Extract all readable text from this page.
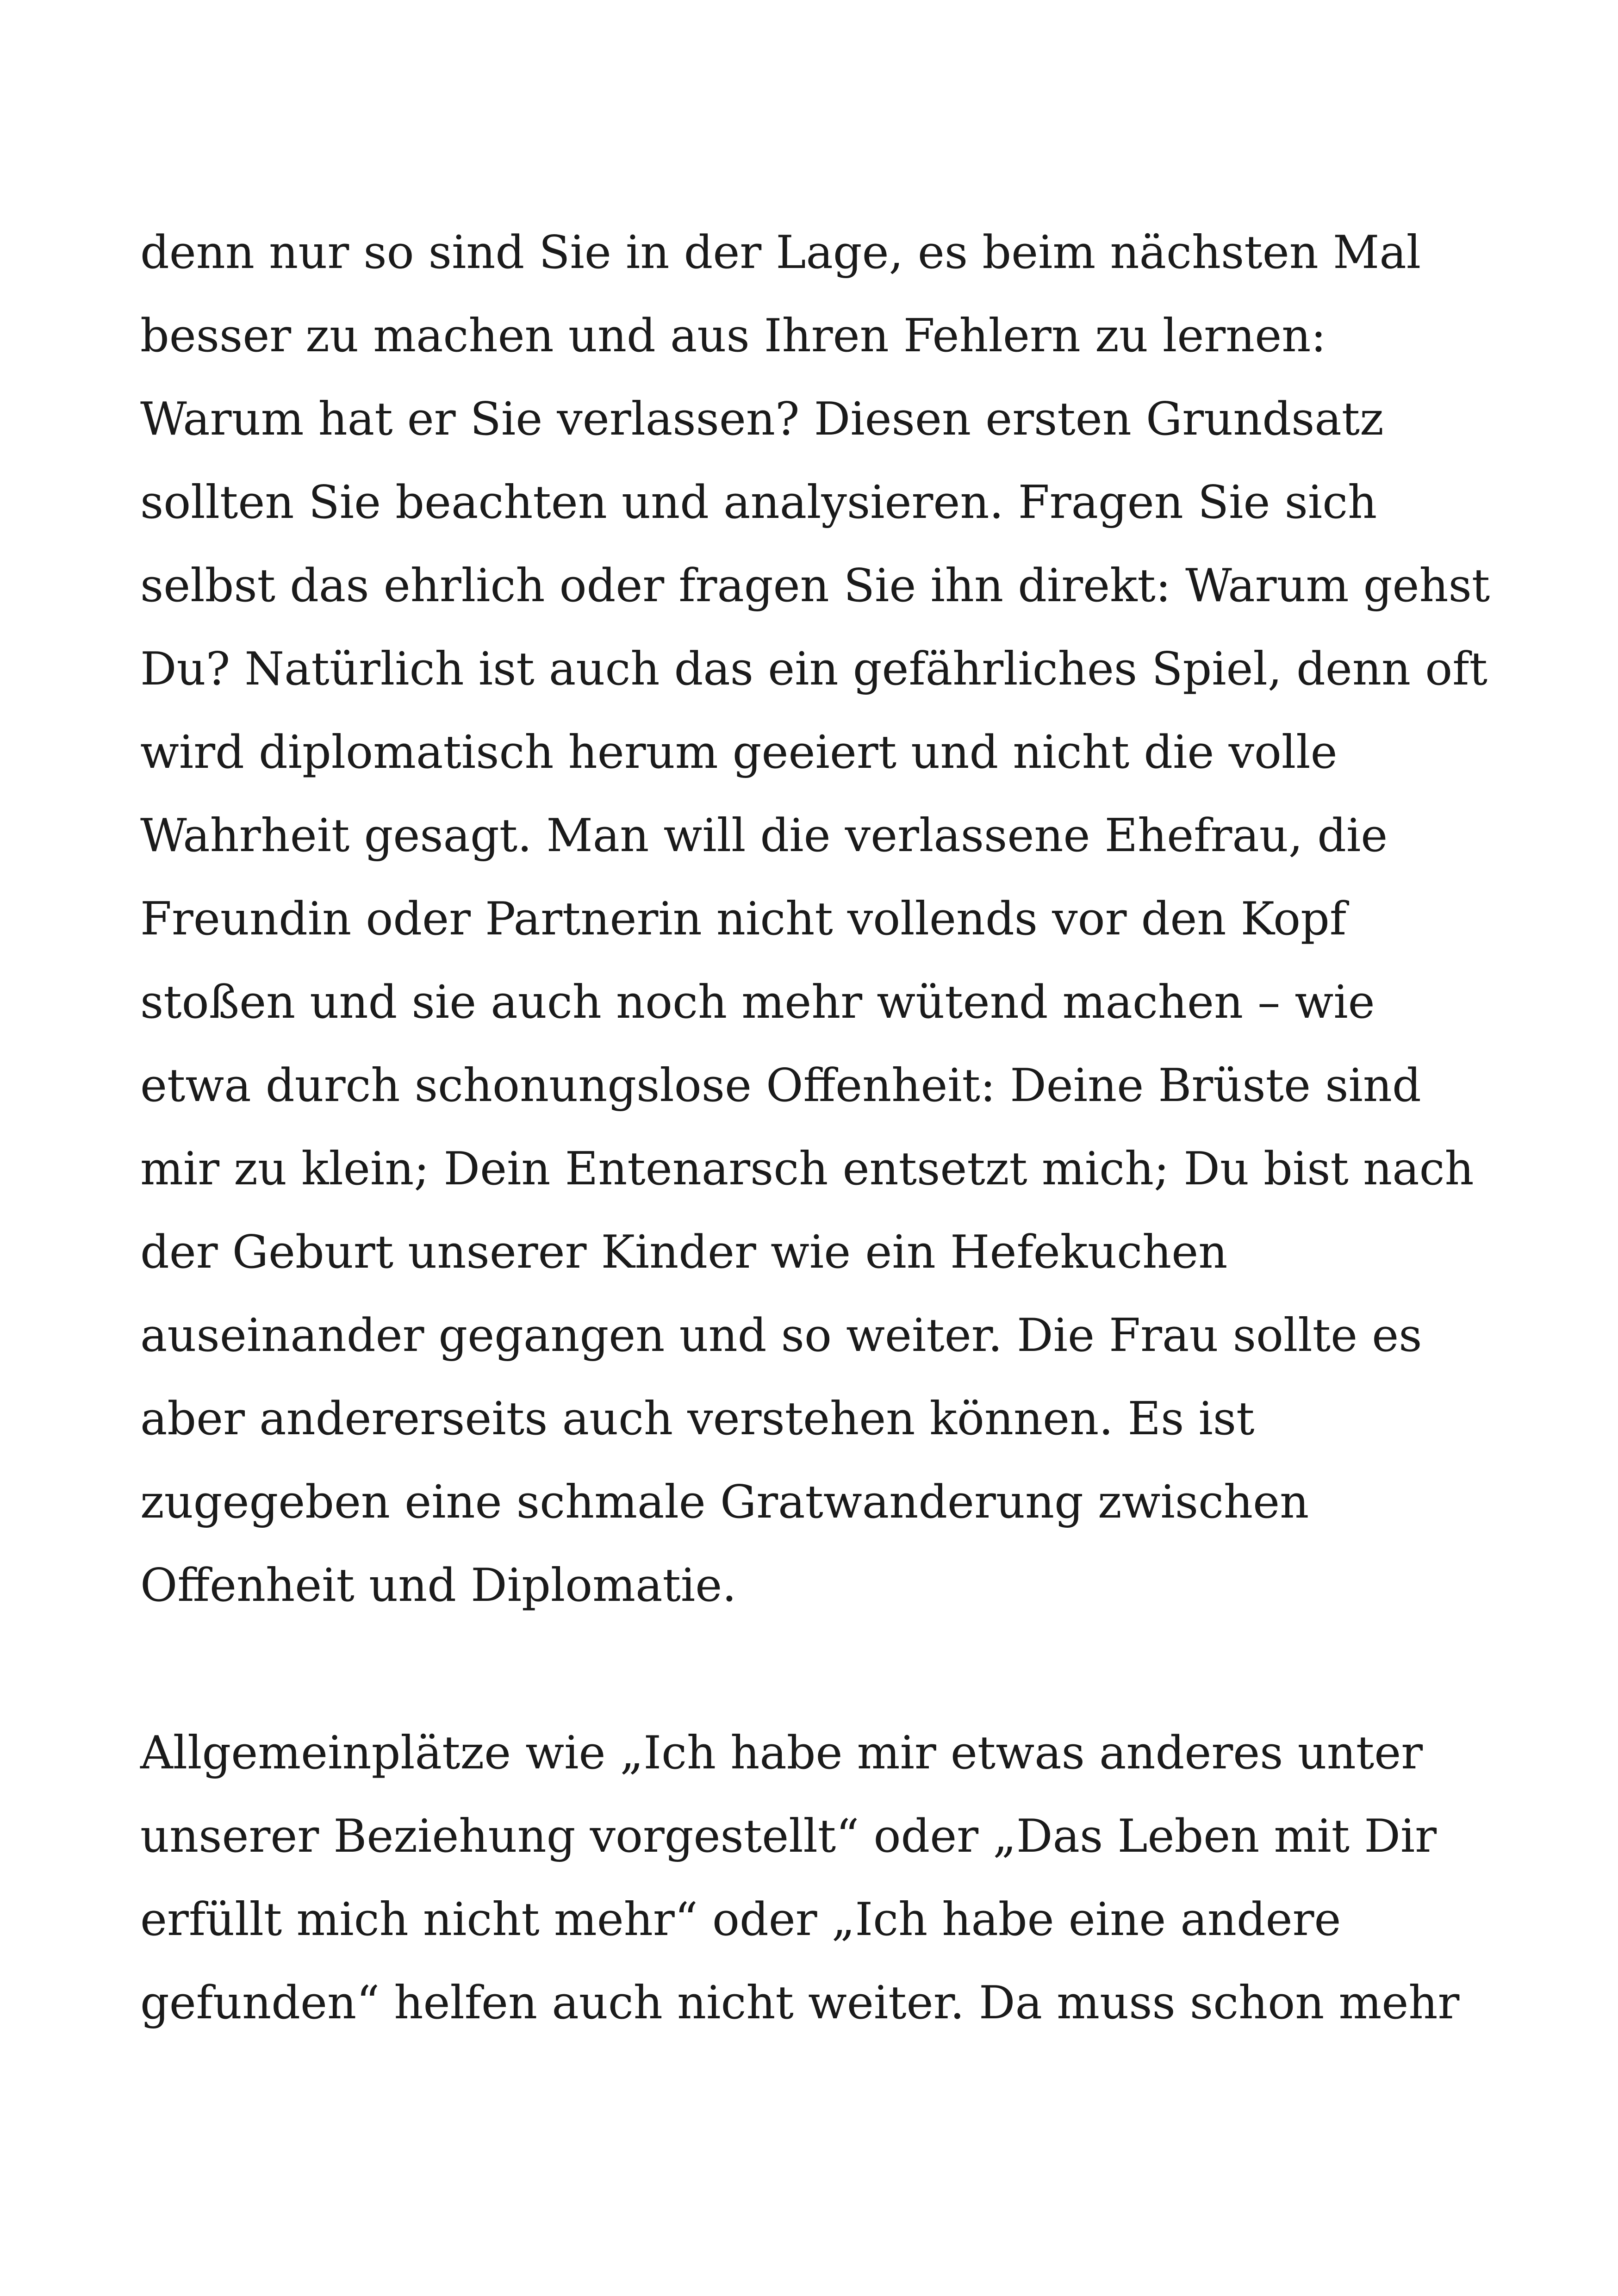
denn nur so sind Sie in der Lage, es beim nächsten Mal
besser zu machen und aus Ihren Fehlern zu lernen:
Warum hat er Sie verlassen? Diesen ersten Grundsatz
sollten Sie beachten und analysieren. Fragen Sie sich
selbst das ehrlich oder fragen Sie ihn direkt: Warum gehst
Du? Natürlich ist auch das ein gefährliches Spiel, denn oft
wird diplomatisch herum geeiert und nicht die volle
Wahrheit gesagt. Man will die verlassene Ehefrau, die
Freundin oder Partnerin nicht vollends vor den Kopf
stoßen und sie auch noch mehr wütend machen – wie
etwa durch schonungslose Offenheit: Deine Brüste sind
mir zu klein; Dein Entenarsch entsetzt mich; Du bist nach
der Geburt unserer Kinder wie ein Hefekuchen
auseinander gegangen und so weiter. Die Frau sollte es
aber andererseits auch verstehen können. Es ist
zugegeben eine schmale Gratwanderung zwischen
Offenheit und Diplomatie.

Allgemeinplätze wie „Ich habe mir etwas anderes unter
unserer Beziehung vorgestellt“ oder „Das Leben mit Dir
erfüllt mich nicht mehr“ oder „Ich habe eine andere
gefunden“ helfen auch nicht weiter. Da muss schon mehr
